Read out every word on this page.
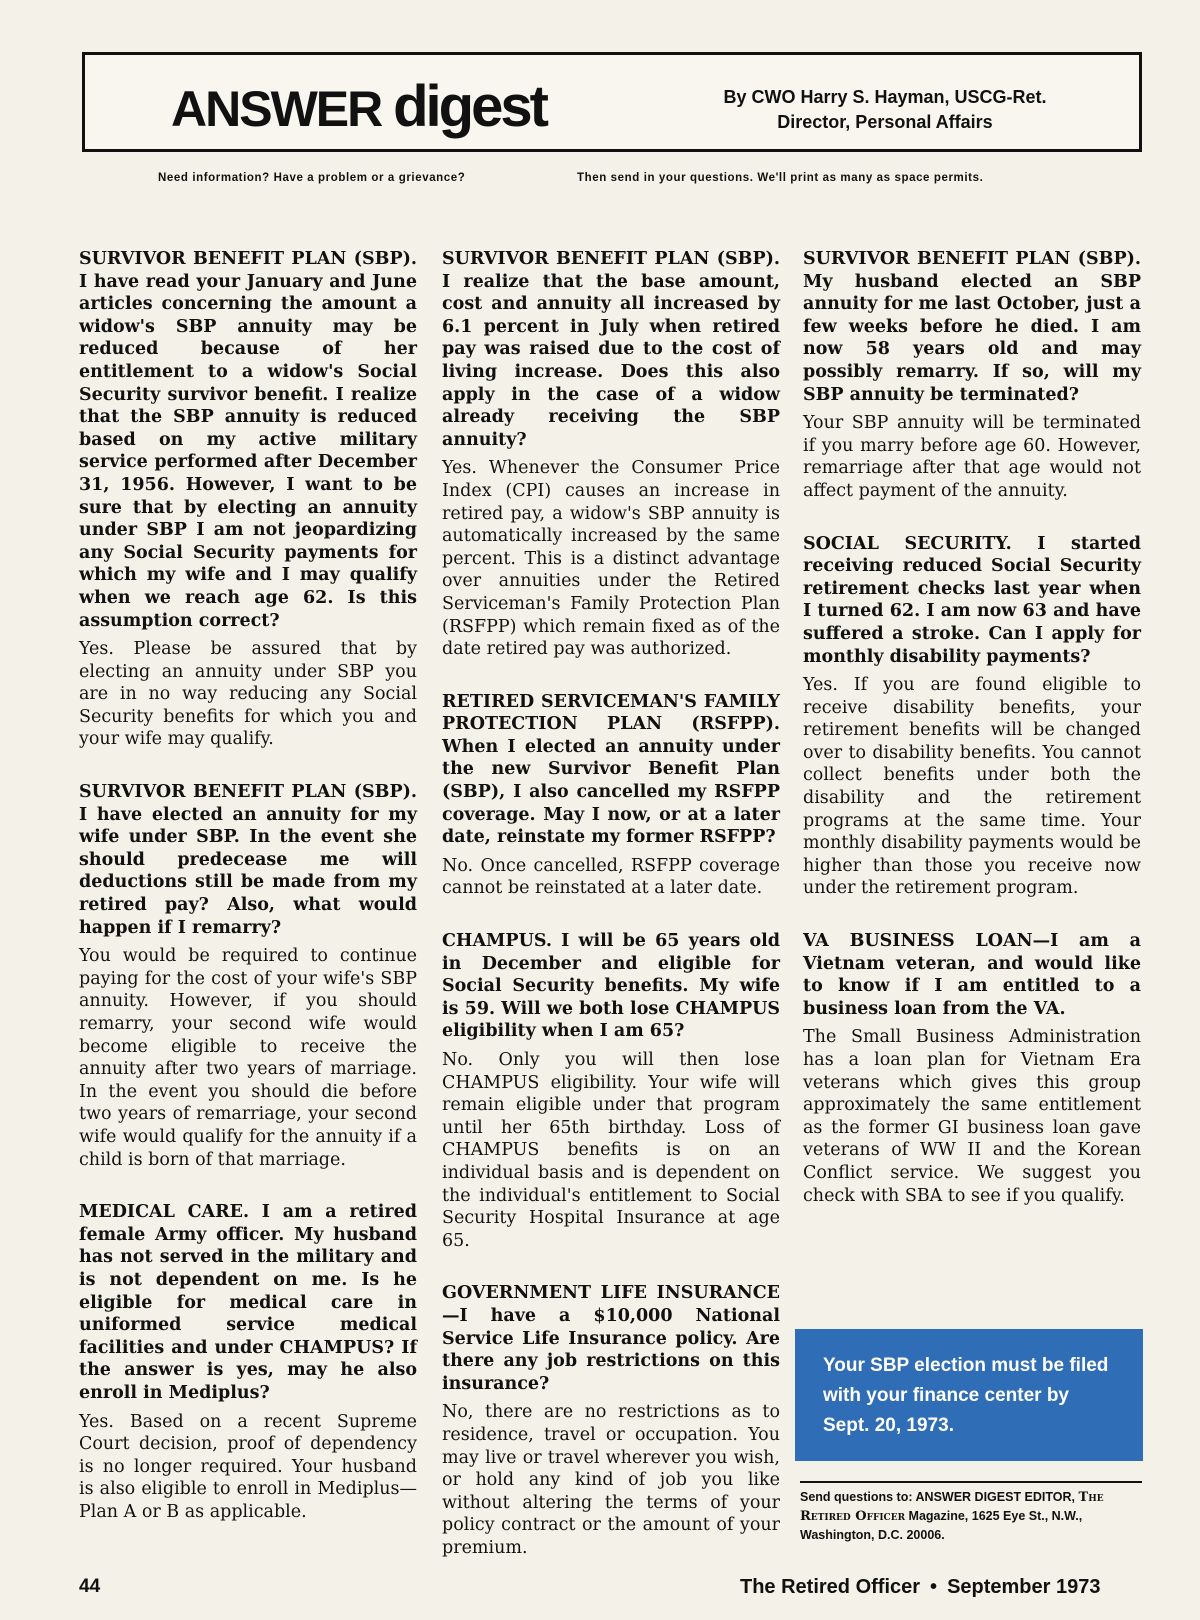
ANSWER digest	By CWO Harry S. Hayman, USCG-Ret.
Director, Personal Affairs
Need information? Have a problem or a grievance?	Then send in your questions. We'll print as many as space permits.

SURVIVOR BENEFIT PLAN (SBP). I have read your January and June articles concerning the amount a widow's SBP annuity may be reduced because of her entitlement to a widow's Social Security survivor benefit. I realize that the SBP annuity is reduced based on my active military service performed after December 31, 1956. However, I want to be sure that by electing an annuity under SBP I am not jeopardizing any Social Security payments for which my wife and I may qualify when we reach age 62. Is this assumption correct?

Yes. Please be assured that by electing an annuity under SBP you are in no way reducing any Social Security benefits for which you and your wife may qualify.

SURVIVOR BENEFIT PLAN (SBP). I have elected an annuity for my wife under SBP. In the event she should predecease me will deductions still be made from my retired pay? Also, what would happen if I remarry?

You would be required to continue paying for the cost of your wife's SBP annuity. However, if you should remarry, your second wife would become eligible to receive the annuity after two years of marriage. In the event you should die before two years of remarriage, your second wife would qualify for the annuity if a child is born of that marriage.

MEDICAL CARE. I am a retired female Army officer. My husband has not served in the military and is not dependent on me. Is he eligible for medical care in uniformed service medical facilities and under CHAMPUS? If the answer is yes, may he also enroll in Mediplus?

Yes. Based on a recent Supreme Court decision, proof of dependency is no longer required. Your husband is also eligible to enroll in Mediplus—Plan A or B as applicable.

SURVIVOR BENEFIT PLAN (SBP). I realize that the base amount, cost and annuity all increased by 6.1 percent in July when retired pay was raised due to the cost of living increase. Does this also apply in the case of a widow already receiving the SBP annuity?

Yes. Whenever the Consumer Price Index (CPI) causes an increase in retired pay, a widow's SBP annuity is automatically increased by the same percent. This is a distinct advantage over annuities under the Retired Serviceman's Family Protection Plan (RSFPP) which remain fixed as of the date retired pay was authorized.

RETIRED SERVICEMAN'S FAMILY PROTECTION PLAN (RSFPP). When I elected an annuity under the new Survivor Benefit Plan (SBP), I also cancelled my RSFPP coverage. May I now, or at a later date, reinstate my former RSFPP?

No. Once cancelled, RSFPP coverage cannot be reinstated at a later date.

CHAMPUS. I will be 65 years old in December and eligible for Social Security benefits. My wife is 59. Will we both lose CHAMPUS eligibility when I am 65?

No. Only you will then lose CHAMPUS eligibility. Your wife will remain eligible under that program until her 65th birthday. Loss of CHAMPUS benefits is on an individual basis and is dependent on the individual's entitlement to Social Security Hospital Insurance at age 65.

GOVERNMENT LIFE INSURANCE —I have a $10,000 National Service Life Insurance policy. Are there any job restrictions on this insurance?

No, there are no restrictions as to residence, travel or occupation. You may live or travel wherever you wish, or hold any kind of job you like without altering the terms of your policy contract or the amount of your premium.

SURVIVOR BENEFIT PLAN (SBP). My husband elected an SBP annuity for me last October, just a few weeks before he died. I am now 58 years old and may possibly remarry. If so, will my SBP annuity be terminated?

Your SBP annuity will be terminated if you marry before age 60. However, remarriage after that age would not affect payment of the annuity.

SOCIAL SECURITY. I started receiving reduced Social Security retirement checks last year when I turned 62. I am now 63 and have suffered a stroke. Can I apply for monthly disability payments?

Yes. If you are found eligible to receive disability benefits, your retirement benefits will be changed over to disability benefits. You cannot collect benefits under both the disability and the retirement programs at the same time. Your monthly disability payments would be higher than those you receive now under the retirement program.

VA BUSINESS LOAN—I am a Vietnam veteran, and would like to know if I am entitled to a business loan from the VA.

The Small Business Administration has a loan plan for Vietnam Era veterans which gives this group approximately the same entitlement as the former GI business loan gave veterans of WW II and the Korean Conflict service. We suggest you check with SBA to see if you qualify.

Your SBP election must be filed with your finance center by Sept. 20, 1973.
Send questions to: ANSWER DIGEST EDITOR, The Retired Officer Magazine, 1625 Eye St., N.W., Washington, D.C. 20006.
44	The Retired Officer • September 1973
